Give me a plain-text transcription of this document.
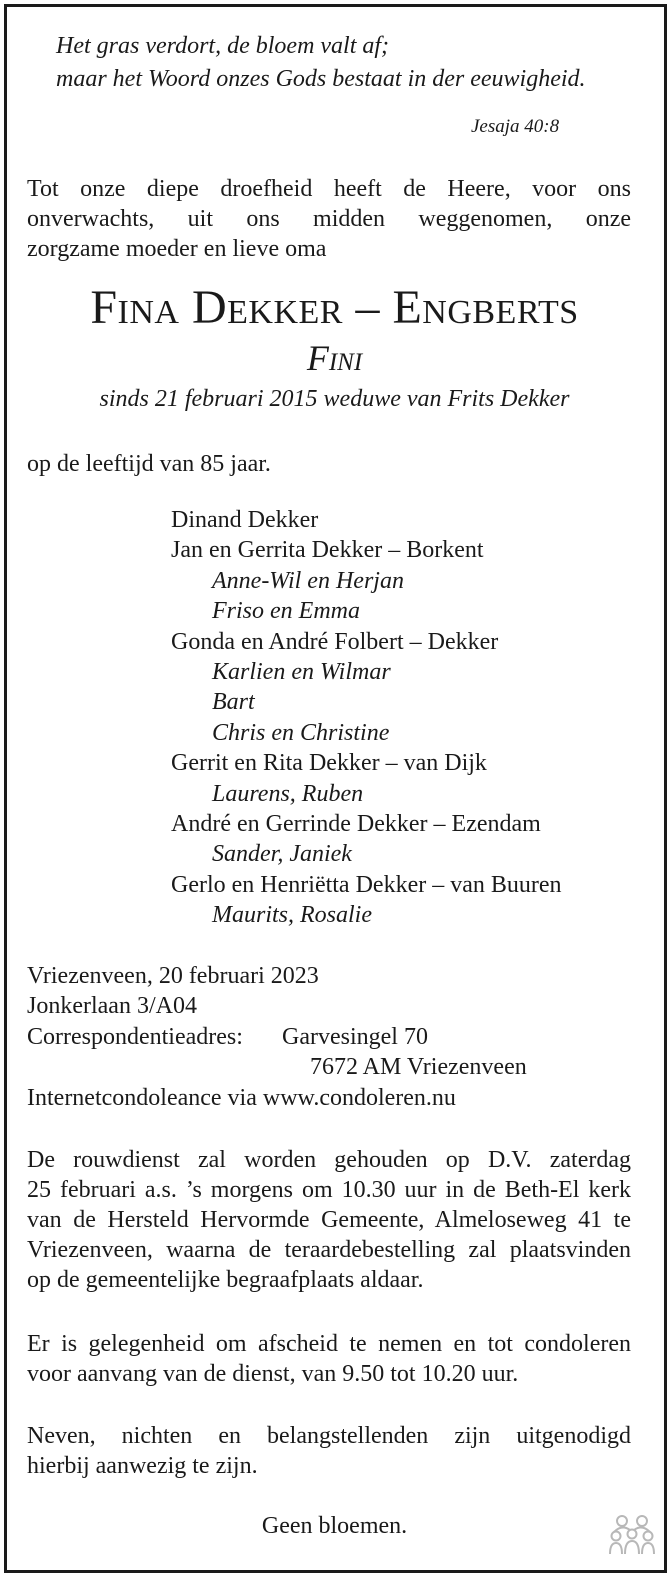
Het gras verdort, de bloem valt af;
maar het Woord onzes Gods bestaat in der eeuwigheid.
Jesaja 40:8
Tot onze diepe droefheid heeft de Heere, voor ons
onverwachts, uit ons midden weggenomen, onze
zorgzame moeder en lieve oma
Fina Dekker – Engberts
Fini
sinds 21 februari 2015 weduwe van Frits Dekker
op de leeftijd van 85 jaar.
Dinand Dekker
Jan en Gerrita Dekker – Borkent
Anne-Wil en Herjan
Friso en Emma
Gonda en André Folbert – Dekker
Karlien en Wilmar
Bart
Chris en Christine
Gerrit en Rita Dekker – van Dijk
Laurens, Ruben
André en Gerrinde Dekker – Ezendam
Sander, Janiek
Gerlo en Henriëtta Dekker – van Buuren
Maurits, Rosalie
Vriezenveen, 20 februari 2023
Jonkerlaan 3/A04
Correspondentieadres: Garvesingel 70
7672 AM Vriezenveen
Internetcondoleance via www.condoleren.nu
De rouwdienst zal worden gehouden op D.V. zaterdag
25 februari a.s. ’s morgens om 10.30 uur in de Beth-El kerk
van de Hersteld Hervormde Gemeente, Almeloseweg 41 te
Vriezenveen, waarna de teraardebestelling zal plaatsvinden
op de gemeentelijke begraafplaats aldaar.
Er is gelegenheid om afscheid te nemen en tot condoleren
voor aanvang van de dienst, van 9.50 tot 10.20 uur.
Neven, nichten en belangstellenden zijn uitgenodigd
hierbij aanwezig te zijn.
Geen bloemen.
